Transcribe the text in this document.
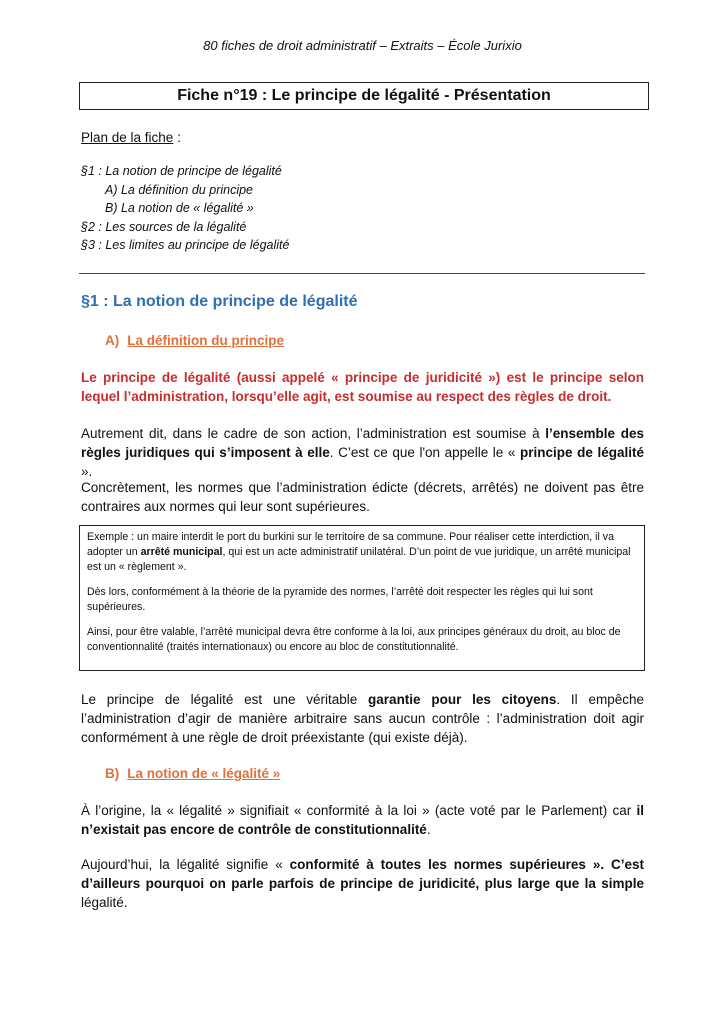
80 fiches de droit administratif – Extraits – École Jurixio
Fiche n°19 : Le principe de légalité - Présentation
Plan de la fiche :
§1 : La notion de principe de légalité
A) La définition du principe
B) La notion de « légalité »
§2 : Les sources de la légalité
§3 : Les limites au principe de légalité
§1 : La notion de principe de légalité
A) La définition du principe
Le principe de légalité (aussi appelé « principe de juridicité ») est le principe selon lequel l’administration, lorsqu’elle agit, est soumise au respect des règles de droit.
Autrement dit, dans le cadre de son action, l’administration est soumise à l’ensemble des règles juridiques qui s’imposent à elle. C’est ce que l'on appelle le « principe de légalité ».
Concrètement, les normes que l’administration édicte (décrets, arrêtés) ne doivent pas être contraires aux normes qui leur sont supérieures.

Exemple : un maire interdit le port du burkini sur le territoire de sa commune. Pour réaliser cette interdiction, il va adopter un arrêté municipal, qui est un acte administratif unilatéral. D’un point de vue juridique, un arrêté municipal est un « règlement ».

Dès lors, conformément à la théorie de la pyramide des normes, l’arrêté doit respecter les règles qui lui sont supérieures.

Ainsi, pour être valable, l’arrêté municipal devra être conforme à la loi, aux principes généraux du droit, au bloc de conventionnalité (traités internationaux) ou encore au bloc de constitutionnalité.

Le principe de légalité est une véritable garantie pour les citoyens. Il empêche l’administration d’agir de manière arbitraire sans aucun contrôle : l’administration doit agir conformément à une règle de droit préexistante (qui existe déjà).
B) La notion de « légalité »
À l’origine, la « légalité » signifiait « conformité à la loi » (acte voté par le Parlement) car il n’existait pas encore de contrôle de constitutionnalité.
Aujourd’hui, la légalité signifie « conformité à toutes les normes supérieures ». C’est d’ailleurs pourquoi on parle parfois de principe de juridicité, plus large que la simple légalité.
